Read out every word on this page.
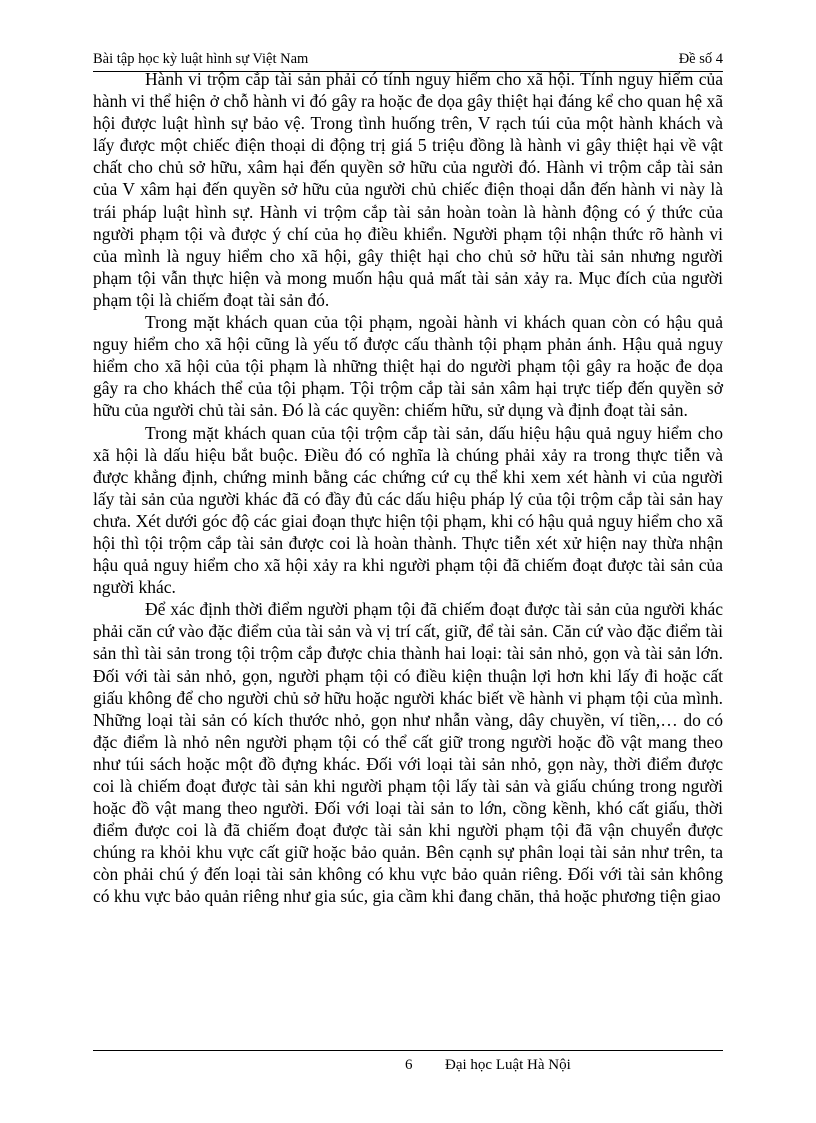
Bài tập học kỳ luật hình sự Việt Nam	Đề số 4

Hành vi trộm cắp tài sản phải có tính nguy hiểm cho xã hội. Tính nguy hiểm của hành vi thể hiện ở chỗ hành vi đó gây ra hoặc đe dọa gây thiệt hại đáng kể cho quan hệ xã hội được luật hình sự bảo vệ. Trong tình huống trên, V rạch túi của một hành khách và lấy được một chiếc điện thoại di động trị giá 5 triệu đồng là hành vi gây thiệt hại về vật chất cho chủ sở hữu, xâm hại đến quyền sở hữu của người đó. Hành vi trộm cắp tài sản của V xâm hại đến quyền sở hữu của người chủ chiếc điện thoại dẫn đến hành vi này là trái pháp luật hình sự. Hành vi trộm cắp tài sản hoàn toàn là hành động có ý thức của người phạm tội và được ý chí của họ điều khiển. Người phạm tội nhận thức rõ hành vi của mình là nguy hiểm cho xã hội, gây thiệt hại cho chủ sở hữu tài sản nhưng người phạm tội vẫn thực hiện và mong muốn hậu quả mất tài sản xảy ra. Mục đích của người phạm tội là chiếm đoạt tài sản đó.

Trong mặt khách quan của tội phạm, ngoài hành vi khách quan còn có hậu quả nguy hiểm cho xã hội cũng là yếu tố được cấu thành tội phạm phản ánh. Hậu quả nguy hiểm cho xã hội của tội phạm là những thiệt hại do người phạm tội gây ra hoặc đe dọa gây ra cho khách thể của tội phạm. Tội trộm cắp tài sản xâm hại trực tiếp đến quyền sở hữu của người chủ tài sản. Đó là các quyền: chiếm hữu, sử dụng và định đoạt tài sản.

Trong mặt khách quan của tội trộm cắp tài sản, dấu hiệu hậu quả nguy hiểm cho xã hội là dấu hiệu bắt buộc. Điều đó có nghĩa là chúng phải xảy ra trong thực tiễn và được khẳng định, chứng minh bằng các chứng cứ cụ thể khi xem xét hành vi của người lấy tài sản của người khác đã có đầy đủ các dấu hiệu pháp lý của tội trộm cắp tài sản hay chưa. Xét dưới góc độ các giai đoạn thực hiện tội phạm, khi có hậu quả nguy hiểm cho xã hội thì tội trộm cắp tài sản được coi là hoàn thành. Thực tiễn xét xử hiện nay thừa nhận hậu quả nguy hiểm cho xã hội xảy ra khi người phạm tội đã chiếm đoạt được tài sản của người khác.

Để xác định thời điểm người phạm tội đã chiếm đoạt được tài sản của người khác phải căn cứ vào đặc điểm của tài sản và vị trí cất, giữ, để tài sản. Căn cứ vào đặc điểm tài sản thì tài sản trong tội trộm cắp được chia thành hai loại: tài sản nhỏ, gọn và tài sản lớn. Đối với tài sản nhỏ, gọn, người phạm tội có điều kiện thuận lợi hơn khi lấy đi hoặc cất giấu không để cho người chủ sở hữu hoặc người khác biết về hành vi phạm tội của mình. Những loại tài sản có kích thước nhỏ, gọn như nhẫn vàng, dây chuyền, ví tiền,… do có đặc điểm là nhỏ nên người phạm tội có thể cất giữ trong người hoặc đồ vật mang theo như túi sách hoặc một đồ đựng khác. Đối với loại tài sản nhỏ, gọn này, thời điểm được coi là chiếm đoạt được tài sản khi người phạm tội lấy tài sản và giấu chúng trong người hoặc đồ vật mang theo người. Đối với loại tài sản to lớn, cồng kềnh, khó cất giấu, thời điểm được coi là đã chiếm đoạt được tài sản khi người phạm tội đã vận chuyển được chúng ra khỏi khu vực cất giữ hoặc bảo quản. Bên cạnh sự phân loại tài sản như trên, ta còn phải chú ý đến loại tài sản không có khu vực bảo quản riêng. Đối với tài sản không có khu vực bảo quản riêng như gia súc, gia cầm khi đang chăn, thả hoặc phương tiện giao

6 Đại học Luật Hà Nội
